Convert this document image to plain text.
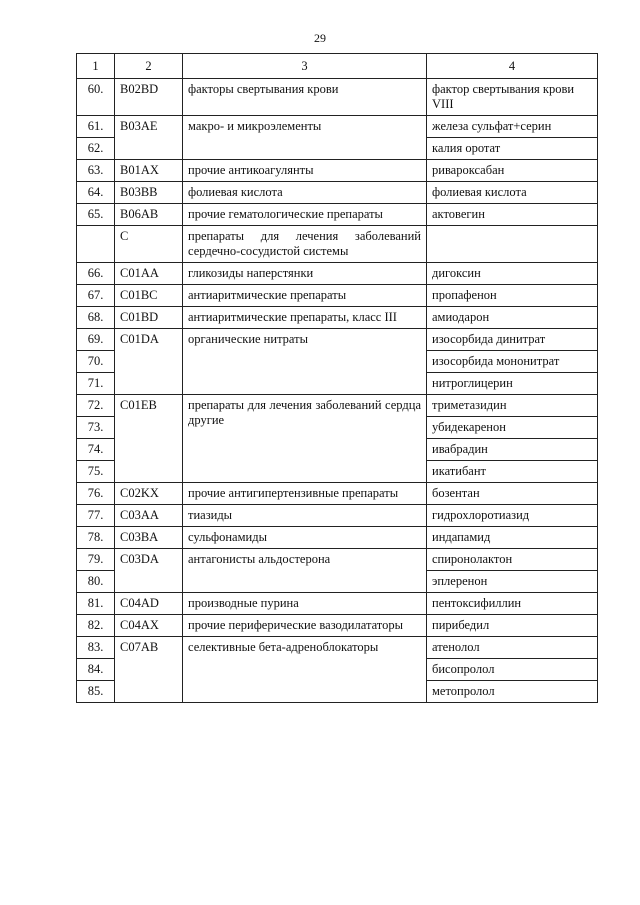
29
1	2	3	4
60.	B02BD	факторы свертывания крови	фактор свертывания крови VIII
61.	B03AE	макро- и микроэлементы	железа сульфат+серин
62.			калия оротат
63.	B01AX	прочие антикоагулянты	ривароксабан
64.	B03BB	фолиевая кислота	фолиевая кислота
65.	B06AB	прочие гематологические препараты	актовегин
	C	препараты для лечения заболеваний сердечно-сосудистой системы	
66.	C01AA	гликозиды наперстянки	дигоксин
67.	C01BC	антиаритмические препараты	пропафенон
68.	C01BD	антиаритмические препараты, класс III	амиодарон
69.	C01DA	органические нитраты	изосорбида динитрат
70.			изосорбида мононитрат
71.			нитроглицерин
72.	C01EB	препараты для лечения заболеваний сердца другие	триметазидин
73.			убидекаренон
74.			ивабрадин
75.			икатибант
76.	C02KX	прочие антигипертензивные препараты	бозентан
77.	C03AA	тиазиды	гидрохлоротиазид
78.	C03BA	сульфонамиды	индапамид
79.	C03DA	антагонисты альдостерона	спиронолактон
80.			эплеренон
81.	C04AD	производные пурина	пентоксифиллин
82.	C04AX	прочие периферические вазодилататоры	пирибедил
83.	C07AB	селективные бета-адреноблокаторы	атенолол
84.			бисопролол
85.			метопролол
